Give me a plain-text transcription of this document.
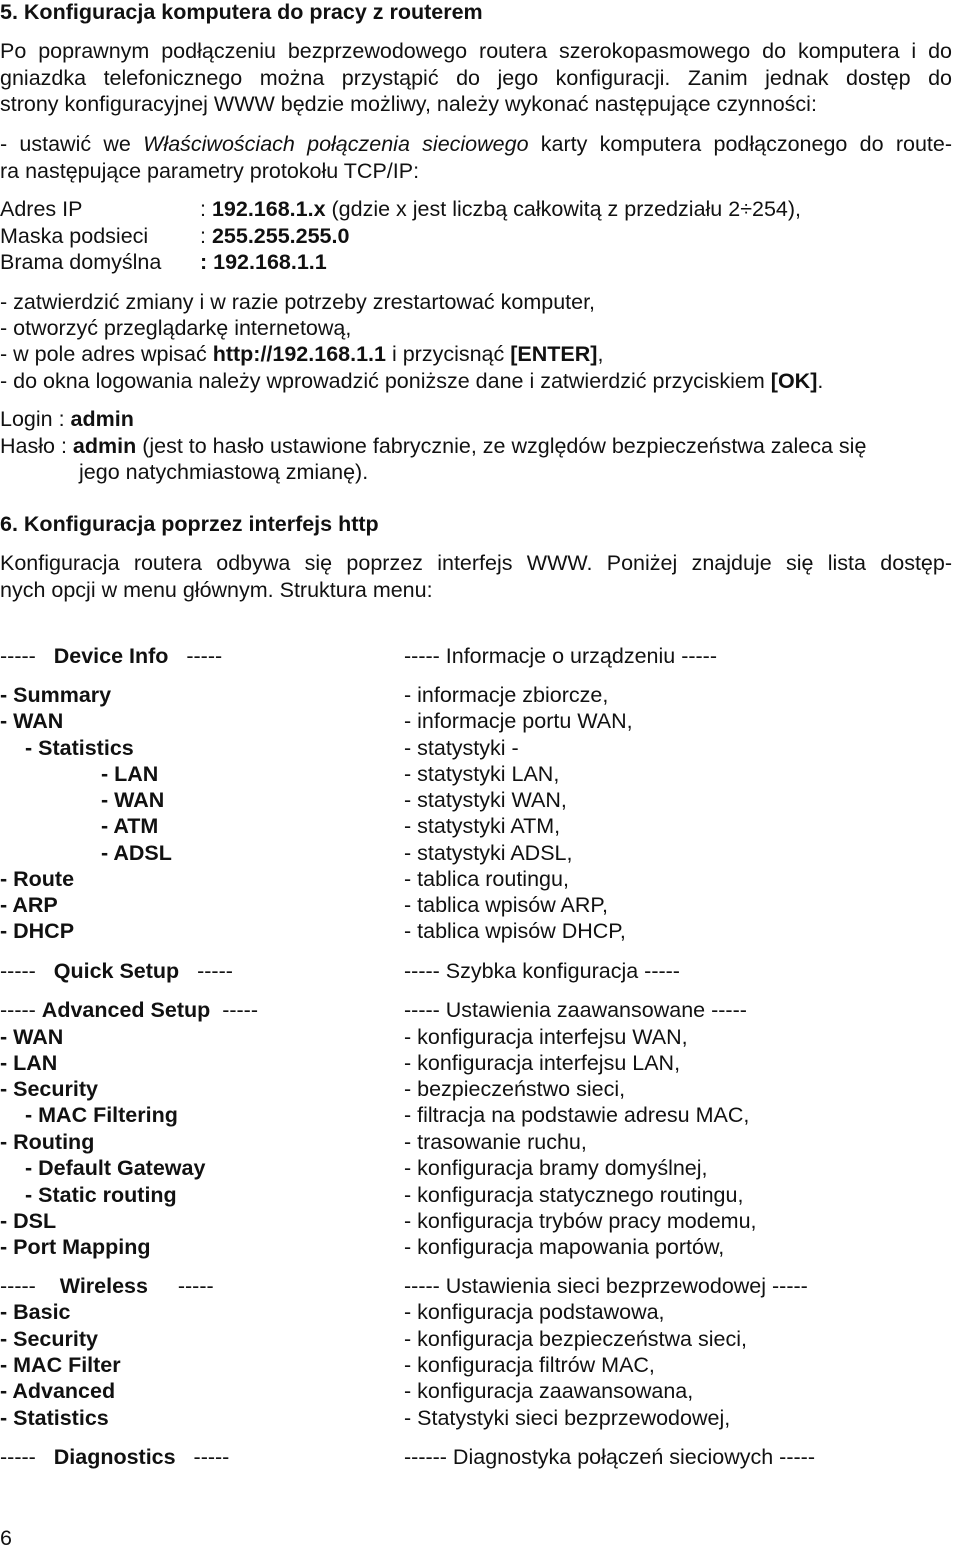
5. Konfiguracja komputera do pracy z routerem
Po poprawnym podłączeniu bezprzewodowego routera szerokopasmowego do komputera i do
gniazdka telefonicznego można przystąpić do jego konfiguracji. Zanim jednak dostęp do
strony konfiguracyjnej WWW będzie możliwy, należy wykonać następujące czynności:
- ustawić we Właściwościach połączenia sieciowego karty komputera podłączonego do route-
ra następujące parametry protokołu TCP/IP:
Adres IP	: 192.168.1.x (gdzie x jest liczbą całkowitą z przedziału 2÷254),
Maska podsieci : 255.255.255.0
Brama domyślna : 192.168.1.1
- zatwierdzić zmiany i w razie potrzeby zrestartować komputer,
- otworzyć przeglądarkę internetową,
- w pole adres wpisać http://192.168.1.1 i przycisnąć [ENTER],
- do okna logowania należy wprowadzić poniższe dane i zatwierdzić przyciskiem [OK].
Login : admin
Hasło : admin (jest to hasło ustawione fabrycznie, ze względów bezpieczeństwa zaleca się
jego natychmiastową zmianę).
6. Konfiguracja poprzez interfejs http
Konfiguracja routera odbywa się poprzez interfejs WWW. Poniżej znajduje się lista dostęp-
nych opcji w menu głównym. Struktura menu:
----- Device Info -----	----- Informacje o urządzeniu -----
- Summary	- informacje zbiorcze,
- WAN	- informacje portu WAN,
- Statistics	- statystyki -
- LAN	- statystyki LAN,
- WAN	- statystyki WAN,
- ATM	- statystyki ATM,
- ADSL	- statystyki ADSL,
- Route	- tablica routingu,
- ARP	- tablica wpisów ARP,
- DHCP	- tablica wpisów DHCP,
----- Quick Setup -----	----- Szybka konfiguracja -----
----- Advanced Setup -----	----- Ustawienia zaawansowane -----
- WAN	- konfiguracja interfejsu WAN,
- LAN	- konfiguracja interfejsu LAN,
- Security	- bezpieczeństwo sieci,
- MAC Filtering	- filtracja na podstawie adresu MAC,
- Routing	- trasowanie ruchu,
- Default Gateway	- konfiguracja bramy domyślnej,
- Static routing	- konfiguracja statycznego routingu,
- DSL	- konfiguracja trybów pracy modemu,
- Port Mapping	- konfiguracja mapowania portów,
----- Wireless -----	----- Ustawienia sieci bezprzewodowej -----
- Basic	- konfiguracja podstawowa,
- Security	- konfiguracja bezpieczeństwa sieci,
- MAC Filter	- konfiguracja filtrów MAC,
- Advanced	- konfiguracja zaawansowana,
- Statistics	- Statystyki sieci bezprzewodowej,
----- Diagnostics -----	------ Diagnostyka połączeń sieciowych -----
6
